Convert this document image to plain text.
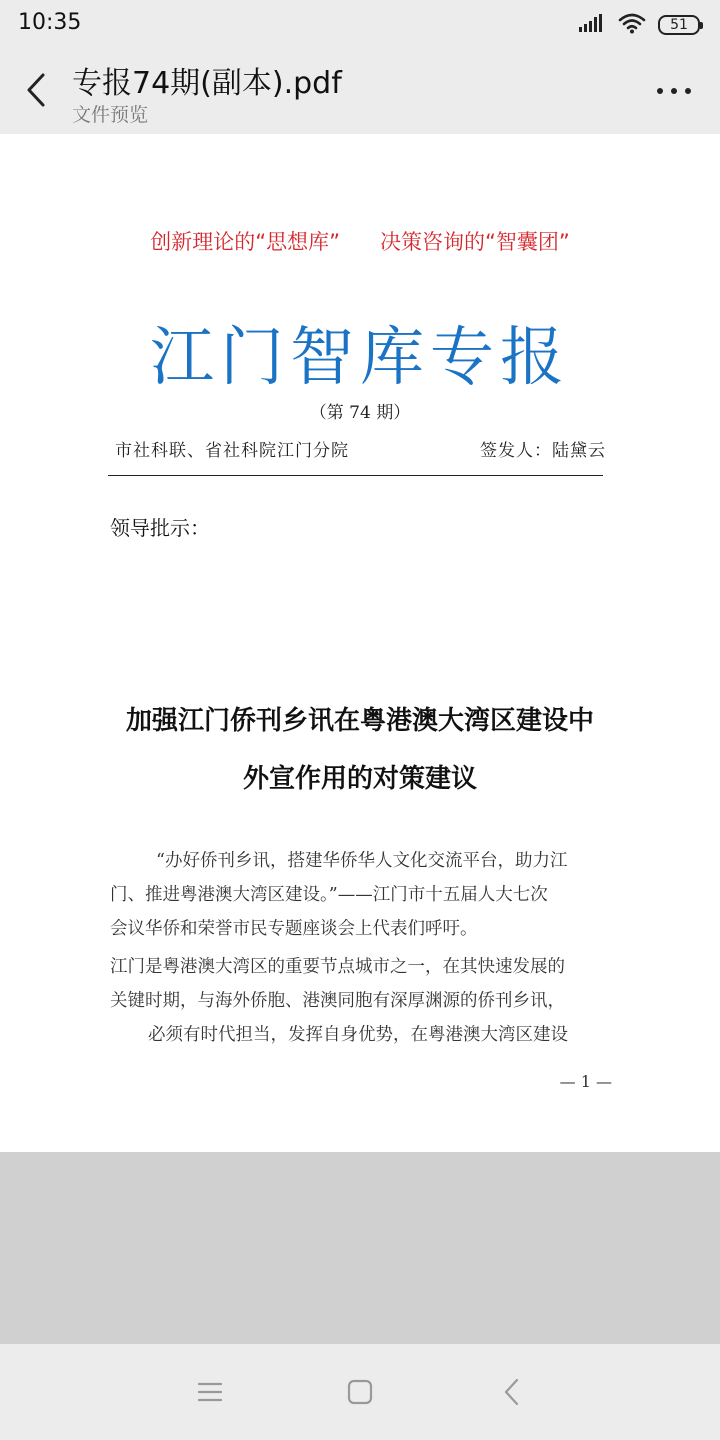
10:35	51
专报74期(副本).pdf
文件预览
创新理论的“思想库”      决策咨询的“智囊团”
江门智库专报
（第 74 期）
市社科联、省社科院江门分院	签发人：陆黛云
领导批示：
加强江门侨刊乡讯在粤港澳大湾区建设中
外宣作用的对策建议
“办好侨刊乡讯，搭建华侨华人文化交流平台，助力江
门、推进粤港澳大湾区建设。”——江门市十五届人大七次
会议华侨和荣誉市民专题座谈会上代表们呼吁。
江门是粤港澳大湾区的重要节点城市之一，在其快速发展的
关键时期，与海外侨胞、港澳同胞有深厚渊源的侨刊乡讯，
必须有时代担当，发挥自身优势，在粤港澳大湾区建设
— 1 —
